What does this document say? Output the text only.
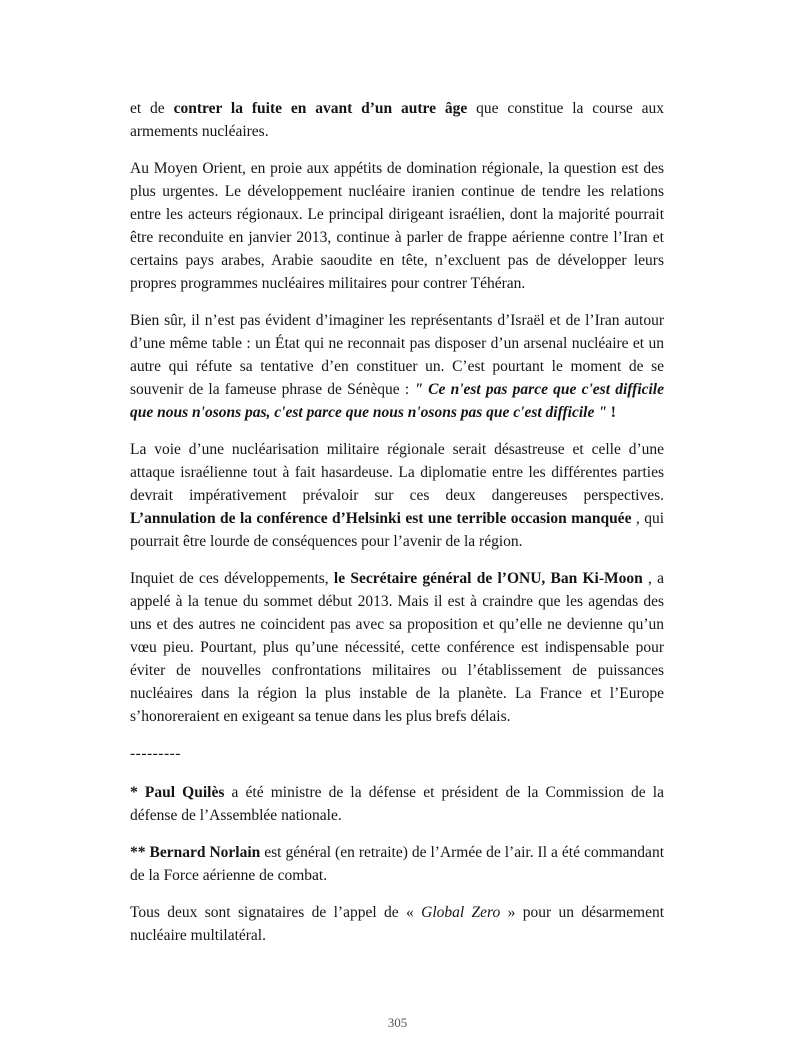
et de contrer la fuite en avant d’un autre âge que constitue la course aux armements nucléaires.

Au Moyen Orient, en proie aux appétits de domination régionale, la question est des plus urgentes. Le développement nucléaire iranien continue de tendre les relations entre les acteurs régionaux. Le principal dirigeant israélien, dont la majorité pourrait être reconduite en janvier 2013, continue à parler de frappe aérienne contre l’Iran et certains pays arabes, Arabie saoudite en tête, n’excluent pas de développer leurs propres programmes nucléaires militaires pour contrer Téhéran.

Bien sûr, il n’est pas évident d’imaginer les représentants d’Israël et de l’Iran autour d’une même table : un État qui ne reconnait pas disposer d’un arsenal nucléaire et un autre qui réfute sa tentative d’en constituer un. C’est pourtant le moment de se souvenir de la fameuse phrase de Sénèque : " Ce n'est pas parce que c'est difficile que nous n'osons pas, c'est parce que nous n'osons pas que c'est difficile " !

La voie d’une nucléarisation militaire régionale serait désastreuse et celle d’une attaque israélienne tout à fait hasardeuse. La diplomatie entre les différentes parties devrait impérativement prévaloir sur ces deux dangereuses perspectives. L’annulation de la conférence d’Helsinki est une terrible occasion manquée , qui pourrait être lourde de conséquences pour l’avenir de la région.

Inquiet de ces développements, le Secrétaire général de l’ONU, Ban Ki-Moon , a appelé à la tenue du sommet début 2013. Mais il est à craindre que les agendas des uns et des autres ne coincident pas avec sa proposition et qu’elle ne devienne qu’un vœu pieu. Pourtant, plus qu’une nécessité, cette conférence est indispensable pour éviter de nouvelles confrontations militaires ou l’établissement de puissances nucléaires dans la région la plus instable de la planète. La France et l’Europe s’honoreraient en exigeant sa tenue dans les plus brefs délais.

---------

* Paul Quilès a été ministre de la défense et président de la Commission de la défense de l’Assemblée nationale.

** Bernard Norlain est général (en retraite) de l’Armée de l’air. Il a été commandant de la Force aérienne de combat.

Tous deux sont signataires de l’appel de « Global Zero » pour un désarmement nucléaire multilatéral.

305
